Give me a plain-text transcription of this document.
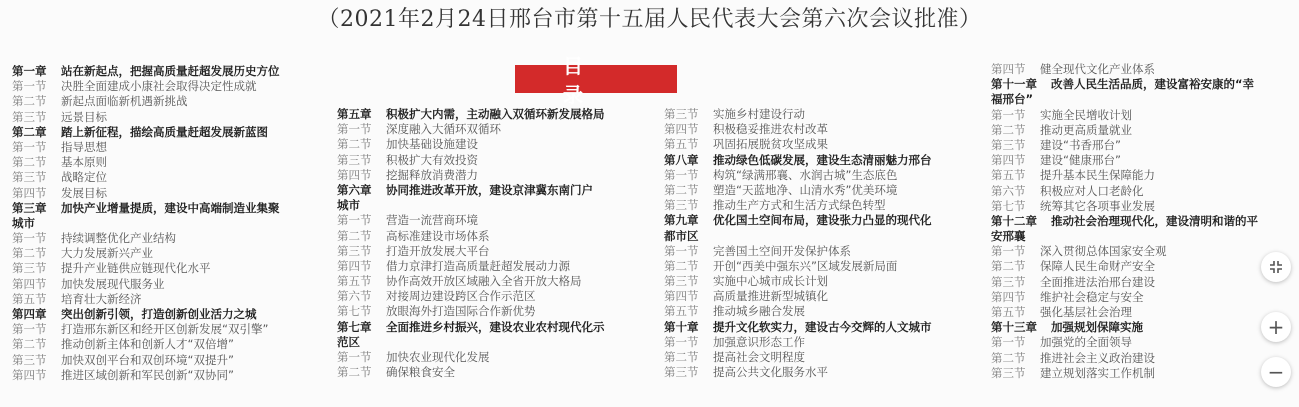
（2021年2月24日邢台市第十五届人民代表大会第六次会议批准）
目 录
第一章 站在新起点，把握高质量赶超发展历史方位
第一节 决胜全面建成小康社会取得决定性成就
第二节 新起点面临新机遇新挑战
第三节 远景目标
第二章 踏上新征程，描绘高质量赶超发展新蓝图
第一节 指导思想
第二节 基本原则
第三节 战略定位
第四节 发展目标
第三章 加快产业增量提质，建设中高端制造业集聚
城市
第一节 持续调整优化产业结构
第二节 大力发展新兴产业
第三节 提升产业链供应链现代化水平
第四节 加快发展现代服务业
第五节 培育壮大新经济
第四章 突出创新引领，打造创新创业活力之城
第一节 打造邢东新区和经开区创新发展“双引擎”
第二节 推动创新主体和创新人才“双倍增”
第三节 加快双创平台和双创环境“双提升”
第四节 推进区域创新和军民创新“双协同”
第五章 积极扩大内需，主动融入双循环新发展格局
第一节 深度融入大循环双循环
第二节 加快基础设施建设
第三节 积极扩大有效投资
第四节 挖掘释放消费潜力
第六章 协同推进改革开放，建设京津冀东南门户
城市
第一节 营造一流营商环境
第二节 高标准建设市场体系
第三节 打造开放发展大平台
第四节 借力京津打造高质量赶超发展动力源
第五节 协作高效开放区域融入全省开放大格局
第六节 对接周边建设跨区合作示范区
第七节 放眼海外打造国际合作新优势
第七章 全面推进乡村振兴，建设农业农村现代化示
范区
第一节 加快农业现代化发展
第二节 确保粮食安全
第三节 实施乡村建设行动
第四节 积极稳妥推进农村改革
第五节 巩固拓展脱贫攻坚成果
第八章 推动绿色低碳发展，建设生态清丽魅力邢台
第一节 构筑“绿满邢襄、水润古城”生态底色
第二节 塑造“天蓝地净、山清水秀”优美环境
第三节 推动生产方式和生活方式绿色转型
第九章 优化国土空间布局，建设张力凸显的现代化
都市区
第一节 完善国土空间开发保护体系
第二节 开创“西美中强东兴”区域发展新局面
第三节 实施中心城市成长计划
第四节 高质量推进新型城镇化
第五节 推动城乡融合发展
第十章 提升文化软实力，建设古今交辉的人文城市
第一节 加强意识形态工作
第二节 提高社会文明程度
第三节 提高公共文化服务水平
第四节 健全现代文化产业体系
第十一章 改善人民生活品质，建设富裕安康的“幸
福邢台”
第一节 实施全民增收计划
第二节 推动更高质量就业
第三节 建设“书香邢台”
第四节 建设“健康邢台”
第五节 提升基本民生保障能力
第六节 积极应对人口老龄化
第七节 统筹其它各项事业发展
第十二章 推动社会治理现代化，建设清明和谐的平
安邢襄
第一节 深入贯彻总体国家安全观
第二节 保障人民生命财产安全
第三节 全面推进法治邢台建设
第四节 维护社会稳定与安全
第五节 强化基层社会治理
第十三章 加强规划保障实施
第一节 加强党的全面领导
第二节 推进社会主义政治建设
第三节 建立规划落实工作机制
+
−
